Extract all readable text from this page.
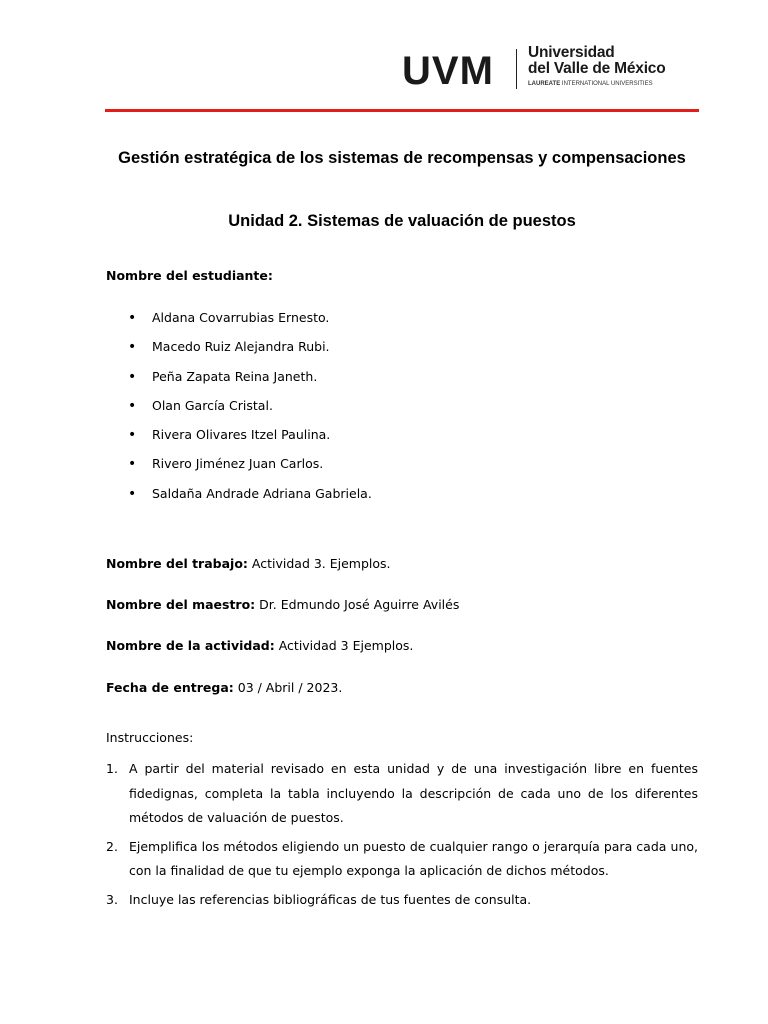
UVM Universidad
del Valle de México
LAUREATE INTERNATIONAL UNIVERSITIES
Gestión estratégica de los sistemas de recompensas y compensaciones
Unidad 2. Sistemas de valuación de puestos
Nombre del estudiante:
• Aldana Covarrubias Ernesto.
• Macedo Ruiz Alejandra Rubi.
• Peña Zapata Reina Janeth.
• Olan García Cristal.
• Rivera Olivares Itzel Paulina.
• Rivero Jiménez Juan Carlos.
• Saldaña Andrade Adriana Gabriela.
Nombre del trabajo: Actividad 3. Ejemplos.
Nombre del maestro: Dr. Edmundo José Aguirre Avilés
Nombre de la actividad: Actividad 3 Ejemplos.
Fecha de entrega: 03 / Abril / 2023.
Instrucciones:
1. A partir del material revisado en esta unidad y de una investigación libre en fuentes fidedignas, completa la tabla incluyendo la descripción de cada uno de los diferentes métodos de valuación de puestos.
2. Ejemplifica los métodos eligiendo un puesto de cualquier rango o jerarquía para cada uno, con la finalidad de que tu ejemplo exponga la aplicación de dichos métodos.
3. Incluye las referencias bibliográficas de tus fuentes de consulta.
